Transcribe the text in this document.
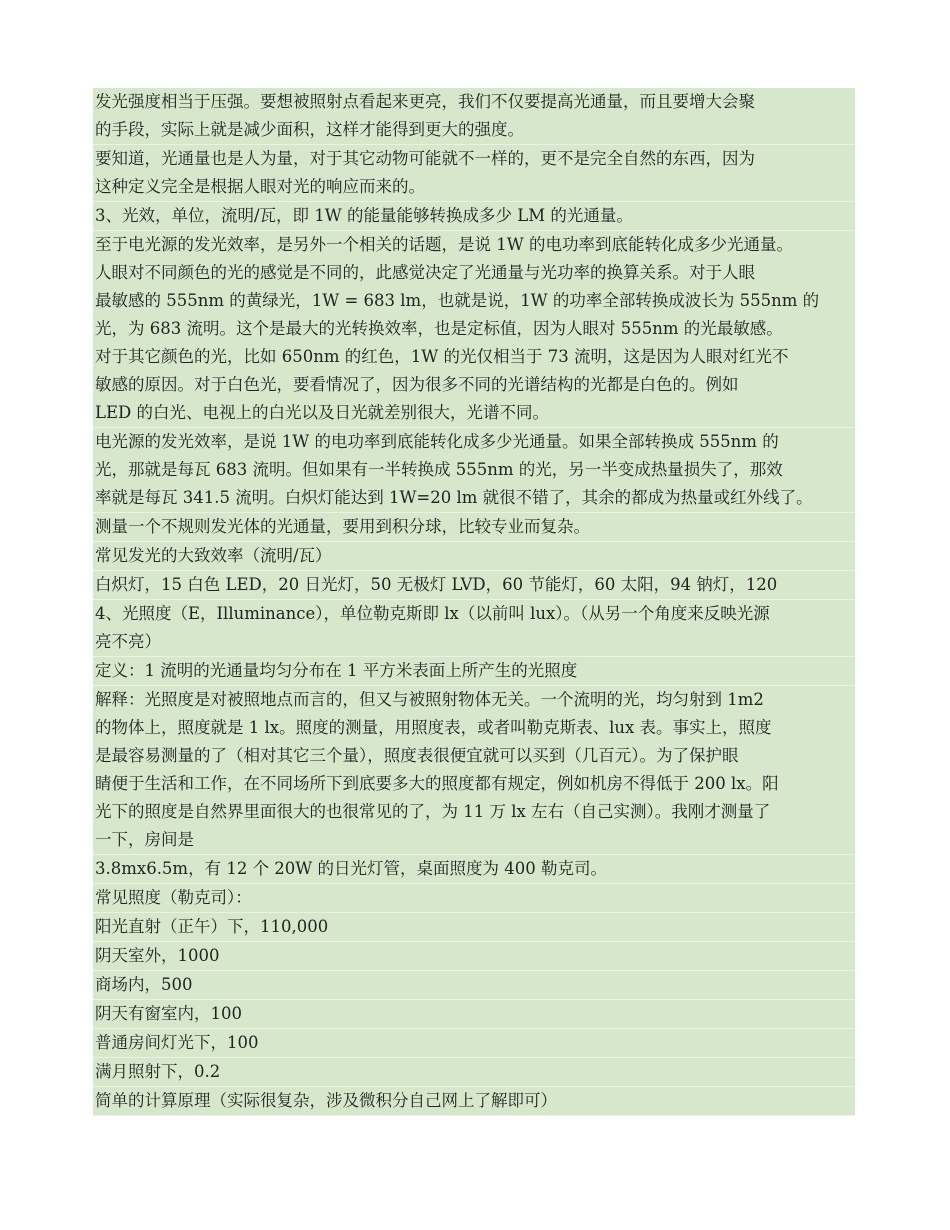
发光强度相当于压强。要想被照射点看起来更亮，我们不仅要提高光通量，而且要增大会聚
的手段，实际上就是减少面积，这样才能得到更大的强度。
要知道，光通量也是人为量，对于其它动物可能就不一样的，更不是完全自然的东西，因为
这种定义完全是根据人眼对光的响应而来的。
3、光效，单位，流明/瓦，即 1W 的能量能够转换成多少 LM 的光通量。
至于电光源的发光效率，是另外一个相关的话题，是说 1W 的电功率到底能转化成多少光通量。
人眼对不同颜色的光的感觉是不同的，此感觉决定了光通量与光功率的换算关系。对于人眼
最敏感的 555nm 的黄绿光，1W = 683 lm，也就是说，1W 的功率全部转换成波长为 555nm 的
光，为 683 流明。这个是最大的光转换效率，也是定标值，因为人眼对 555nm 的光最敏感。
对于其它颜色的光，比如 650nm 的红色，1W 的光仅相当于 73 流明，这是因为人眼对红光不
敏感的原因。对于白色光，要看情况了，因为很多不同的光谱结构的光都是白色的。例如
LED 的白光、电视上的白光以及日光就差别很大，光谱不同。
电光源的发光效率，是说 1W 的电功率到底能转化成多少光通量。如果全部转换成 555nm 的
光，那就是每瓦 683 流明。但如果有一半转换成 555nm 的光，另一半变成热量损失了，那效
率就是每瓦 341.5 流明。白炽灯能达到 1W=20 lm 就很不错了，其余的都成为热量或红外线了。
测量一个不规则发光体的光通量，要用到积分球，比较专业而复杂。
常见发光的大致效率（流明/瓦）
白炽灯，15 白色 LED，20 日光灯，50 无极灯 LVD，60 节能灯，60 太阳，94 钠灯，120
4、光照度（E，Illuminance），单位勒克斯即 lx（以前叫 lux）。（从另一个角度来反映光源
亮不亮）
定义：1 流明的光通量均匀分布在 1 平方米表面上所产生的光照度
解释：光照度是对被照地点而言的，但又与被照射物体无关。一个流明的光，均匀射到 1m2
的物体上，照度就是 1 lx。照度的测量，用照度表，或者叫勒克斯表、lux 表。事实上，照度
是最容易测量的了（相对其它三个量），照度表很便宜就可以买到（几百元）。为了保护眼
睛便于生活和工作，在不同场所下到底要多大的照度都有规定，例如机房不得低于 200 lx。阳
光下的照度是自然界里面很大的也很常见的了，为 11 万 lx 左右（自己实测）。我刚才测量了
一下，房间是
3.8mx6.5m，有 12 个 20W 的日光灯管，桌面照度为 400 勒克司。
常见照度（勒克司）：
阳光直射（正午）下，110,000
阴天室外，1000
商场内，500
阴天有窗室内，100
普通房间灯光下，100
满月照射下，0.2
简单的计算原理（实际很复杂，涉及微积分自己网上了解即可）
